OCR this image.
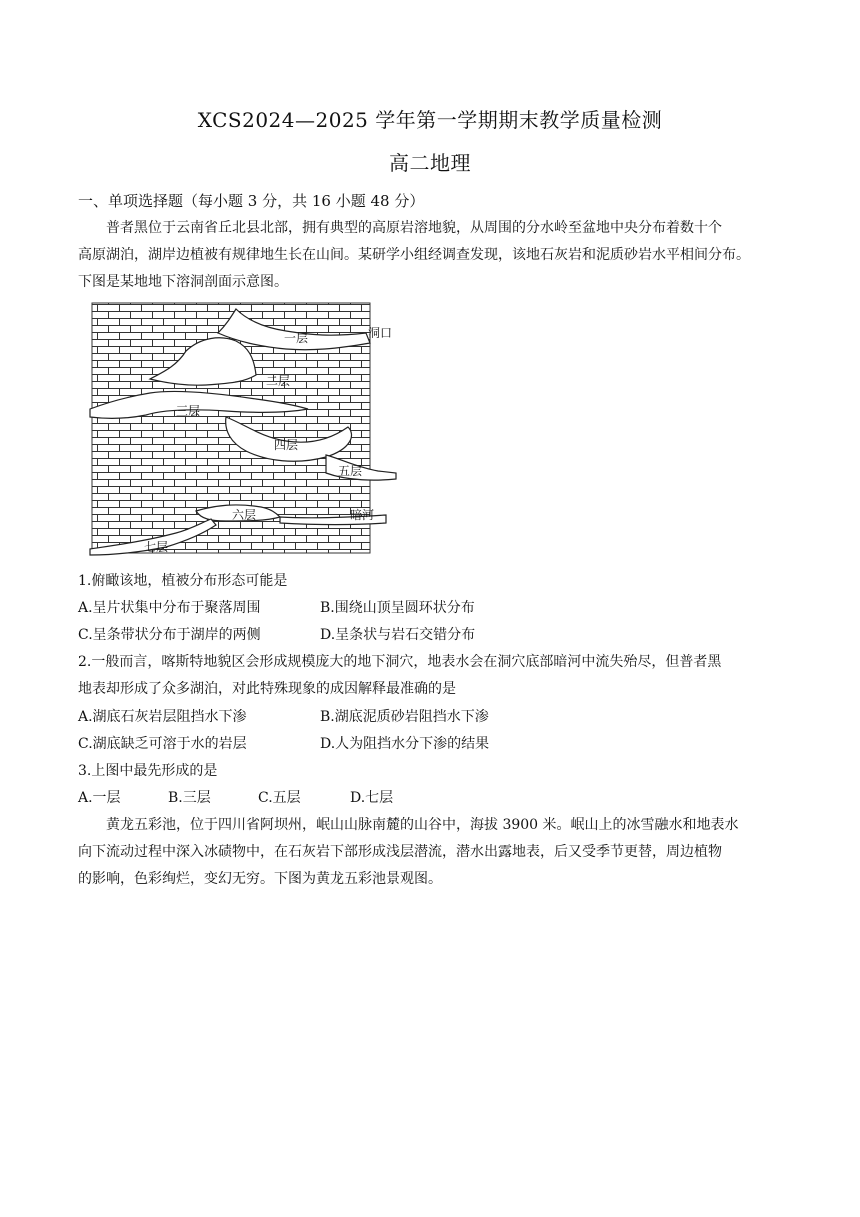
XCS2024—2025 学年第一学期期末教学质量检测
高二地理
一、单项选择题（每小题 3 分，共 16 小题 48 分）
普者黑位于云南省丘北县北部，拥有典型的高原岩溶地貌，从周围的分水岭至盆地中央分布着数十个
高原湖泊，湖岸边植被有规律地生长在山间。某研学小组经调查发现，该地石灰岩和泥质砂岩水平相间分布。
下图是某地地下溶洞剖面示意图。
洞口
一层
二层
三层
四层
五层
六层	暗河
七层
1.俯瞰该地，植被分布形态可能是
A.呈片状集中分布于聚落周围	B.围绕山顶呈圆环状分布
C.呈条带状分布于湖岸的两侧	D.呈条状与岩石交错分布
2.一般而言，喀斯特地貌区会形成规模庞大的地下洞穴，地表水会在洞穴底部暗河中流失殆尽，但普者黑
地表却形成了众多湖泊，对此特殊现象的成因解释最准确的是
A.湖底石灰岩层阻挡水下渗	B.湖底泥质砂岩阻挡水下渗
C.湖底缺乏可溶于水的岩层	D.人为阻挡水分下渗的结果
3.上图中最先形成的是
A.一层	B.三层	C.五层	D.七层
黄龙五彩池，位于四川省阿坝州，岷山山脉南麓的山谷中，海拔 3900 米。岷山上的冰雪融水和地表水
向下流动过程中深入冰碛物中，在石灰岩下部形成浅层潜流，潜水出露地表，后又受季节更替，周边植物
的影响，色彩绚烂，变幻无穷。下图为黄龙五彩池景观图。
